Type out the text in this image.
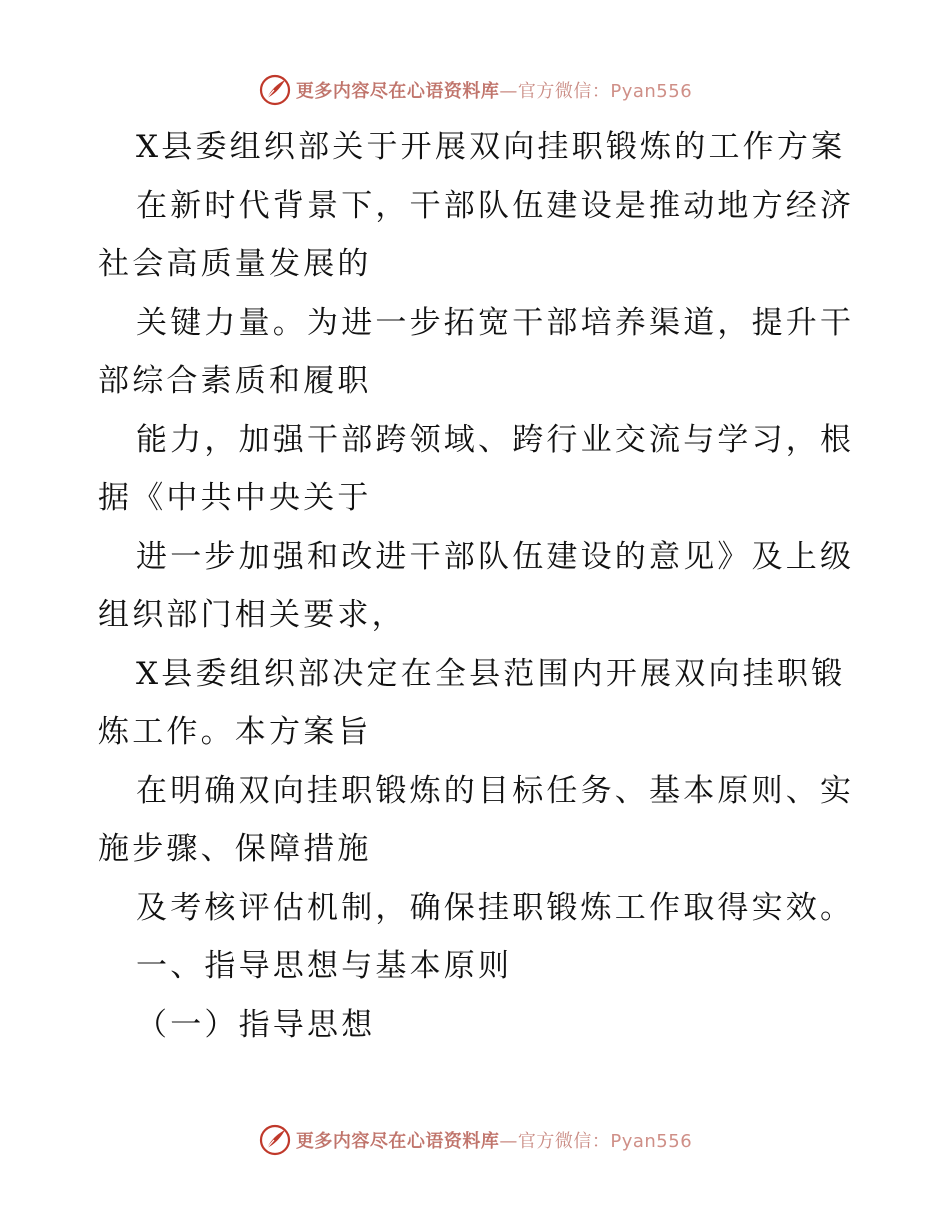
更多内容尽在心语资料库—官方微信：Pyan556
X县委组织部关于开展双向挂职锻炼的工作方案
在新时代背景下，干部队伍建设是推动地方经济
社会高质量发展的
关键力量。为进一步拓宽干部培养渠道，提升干
部综合素质和履职
能力，加强干部跨领域、跨行业交流与学习，根
据《中共中央关于
进一步加强和改进干部队伍建设的意见》及上级
组织部门相关要求，
X县委组织部决定在全县范围内开展双向挂职锻
炼工作。本方案旨
在明确双向挂职锻炼的目标任务、基本原则、实
施步骤、保障措施
及考核评估机制，确保挂职锻炼工作取得实效。
一、指导思想与基本原则
（一）指导思想
更多内容尽在心语资料库—官方微信：Pyan556
